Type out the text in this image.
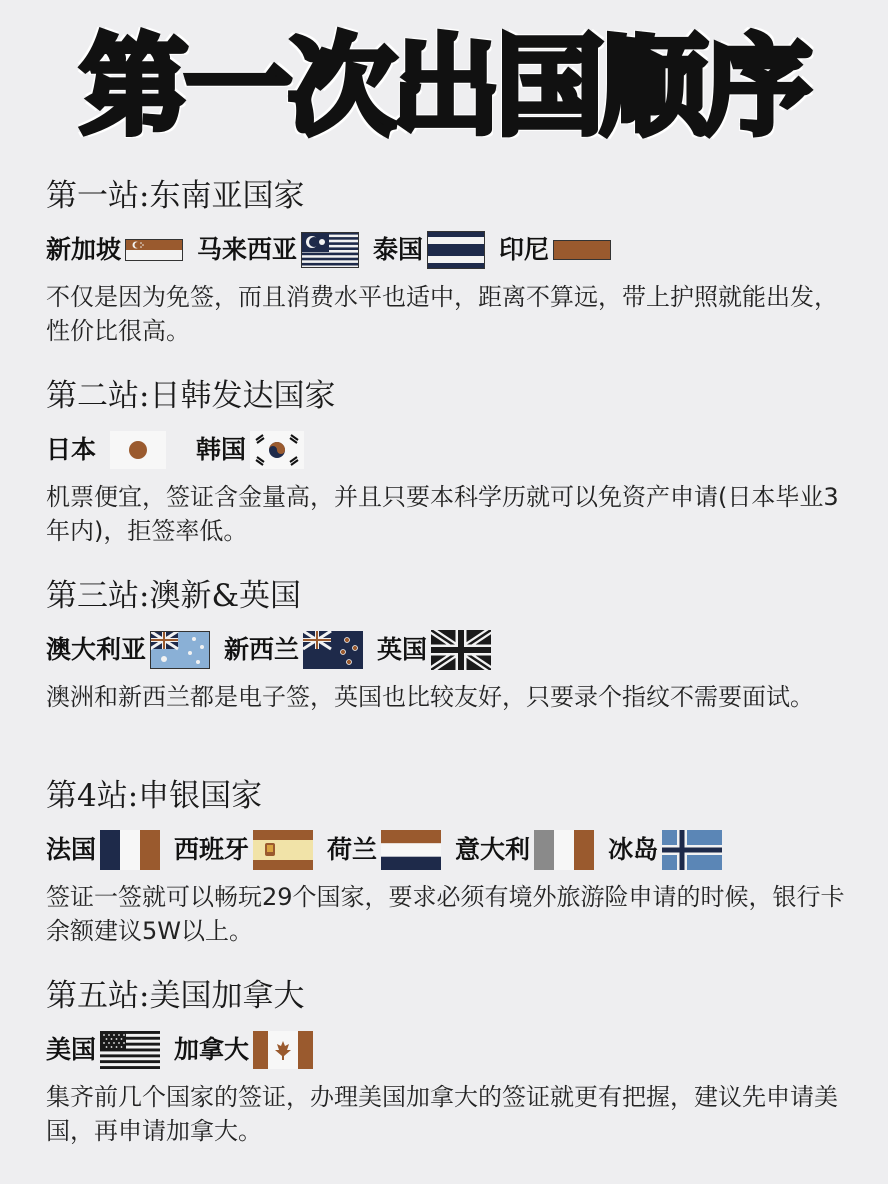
第一次出国顺序
第一站:东南亚国家
新加坡	马来西亚	泰国	印尼
不仅是因为免签，而且消费水平也适中，距离不算远，带上护照就能出发，性价比很高。
第二站:日韩发达国家
日本	韩国
机票便宜，签证含金量高，并且只要本科学历就可以免资产申请(日本毕业3年内)，拒签率低。
第三站:澳新&英国
澳大利亚	新西兰	英国
澳洲和新西兰都是电子签，英国也比较友好，只要录个指纹不需要面试。
第4站:申银国家
法国	西班牙	荷兰	意大利	冰岛
签证一签就可以畅玩29个国家，要求必须有境外旅游险申请的时候，银行卡余额建议5W以上。
第五站:美国加拿大
美国	加拿大
集齐前几个国家的签证，办理美国加拿大的签证就更有把握，建议先申请美国，再申请加拿大。
